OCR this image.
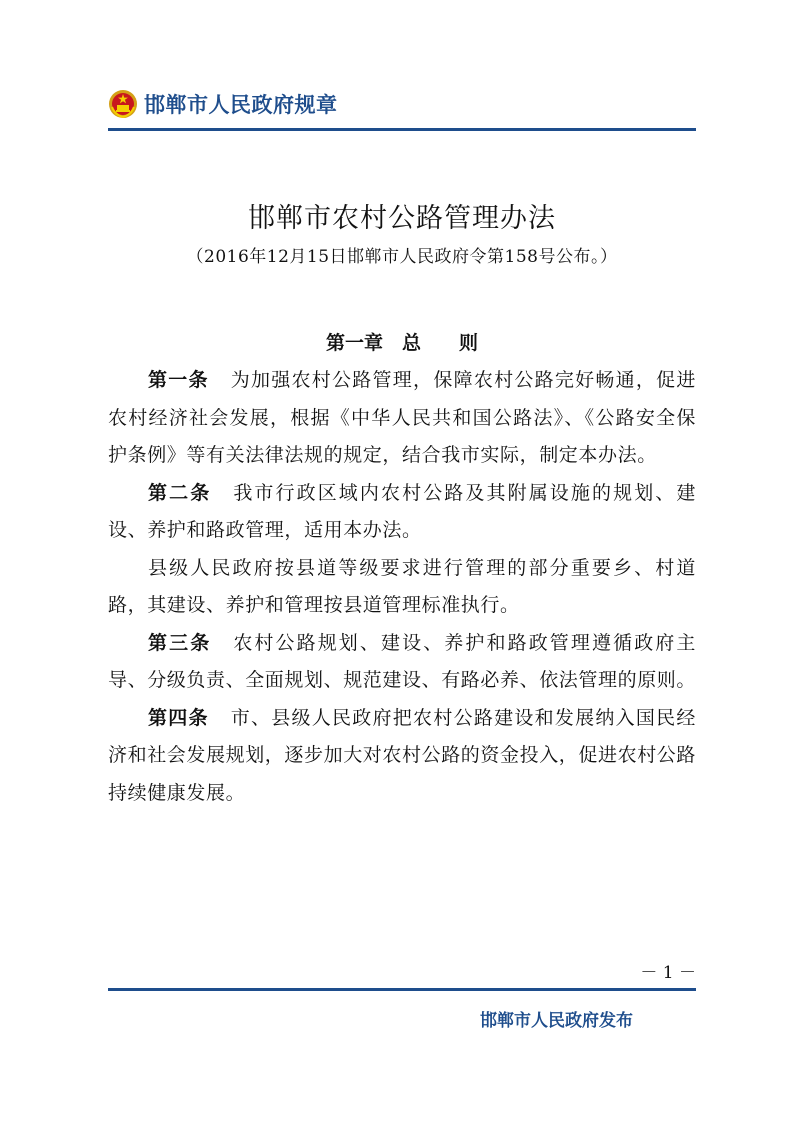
邯郸市人民政府规章
邯郸市农村公路管理办法
（2016年12月15日邯郸市人民政府令第158号公布。）
第一章　总　　则

第一条 为加强农村公路管理，保障农村公路完好畅通，促进农村经济社会发展，根据《中华人民共和国公路法》、《公路安全保护条例》等有关法律法规的规定，结合我市实际，制定本办法。

第二条 我市行政区域内农村公路及其附属设施的规划、建设、养护和路政管理，适用本办法。

县级人民政府按县道等级要求进行管理的部分重要乡、村道路，其建设、养护和管理按县道管理标准执行。

第三条 农村公路规划、建设、养护和路政管理遵循政府主导、分级负责、全面规划、规范建设、有路必养、依法管理的原则。

第四条 市、县级人民政府把农村公路建设和发展纳入国民经济和社会发展规划，逐步加大对农村公路的资金投入，促进农村公路持续健康发展。

－ 1 －
邯郸市人民政府发布
